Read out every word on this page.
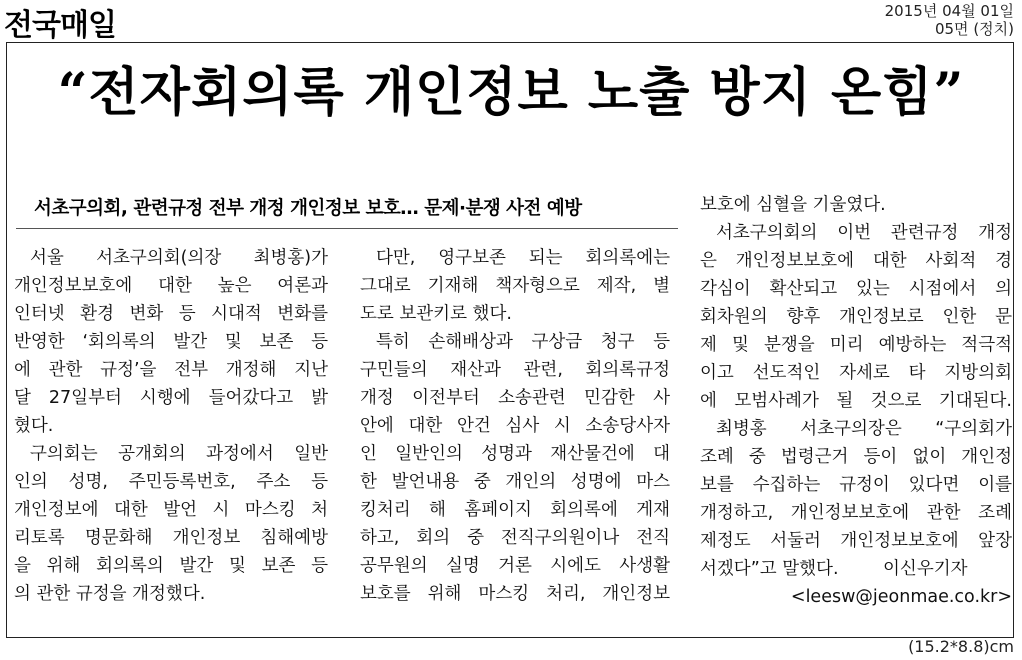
전국매일	2015년 04월 01일
05면 (정치)
“전자회의록 개인정보 노출 방지 온힘”
서초구의회, 관련규정 전부 개정 개인정보 보호… 문제·분쟁 사전 예방

서울 서초구의회(의장 최병홍)가

개인정보보호에 대한 높은 여론과

인터넷 환경 변화 등 시대적 변화를

반영한 ‘회의록의 발간 및 보존 등

에 관한 규정’을 전부 개정해 지난

달 27일부터 시행에 들어갔다고 밝

혔다.

구의회는 공개회의 과정에서 일반

인의 성명, 주민등록번호, 주소 등

개인정보에 대한 발언 시 마스킹 처

리토록 명문화해 개인정보 침해예방

을 위해 회의록의 발간 및 보존 등

의 관한 규정을 개정했다.

다만, 영구보존 되는 회의록에는

그대로 기재해 책자형으로 제작, 별

도로 보관키로 했다.

특히 손해배상과 구상금 청구 등

구민들의 재산과 관련, 회의록규정

개정 이전부터 소송관련 민감한 사

안에 대한 안건 심사 시 소송당사자

인 일반인의 성명과 재산물건에 대

한 발언내용 중 개인의 성명에 마스

킹처리 해 홈페이지 회의록에 게재

하고, 회의 중 전직구의원이나 전직

공무원의 실명 거론 시에도 사생활

보호를 위해 마스킹 처리, 개인정보

보호에 심혈을 기울였다.

서초구의회의 이번 관련규정 개정

은 개인정보보호에 대한 사회적 경

각심이 확산되고 있는 시점에서 의

회차원의 향후 개인정보로 인한 문

제 및 분쟁을 미리 예방하는 적극적

이고 선도적인 자세로 타 지방의회

에 모범사례가 될 것으로 기대된다.

최병홍 서초구의장은 “구의회가

조례 중 법령근거 등이 없이 개인정

보를 수집하는 규정이 있다면 이를

개정하고, 개인정보보호에 관한 조례

제정도 서둘러 개인정보보호에 앞장

서겠다”고 말했다.        이신우기자

<leesw@jeonmae.co.kr>

(15.2*8.8)cm
